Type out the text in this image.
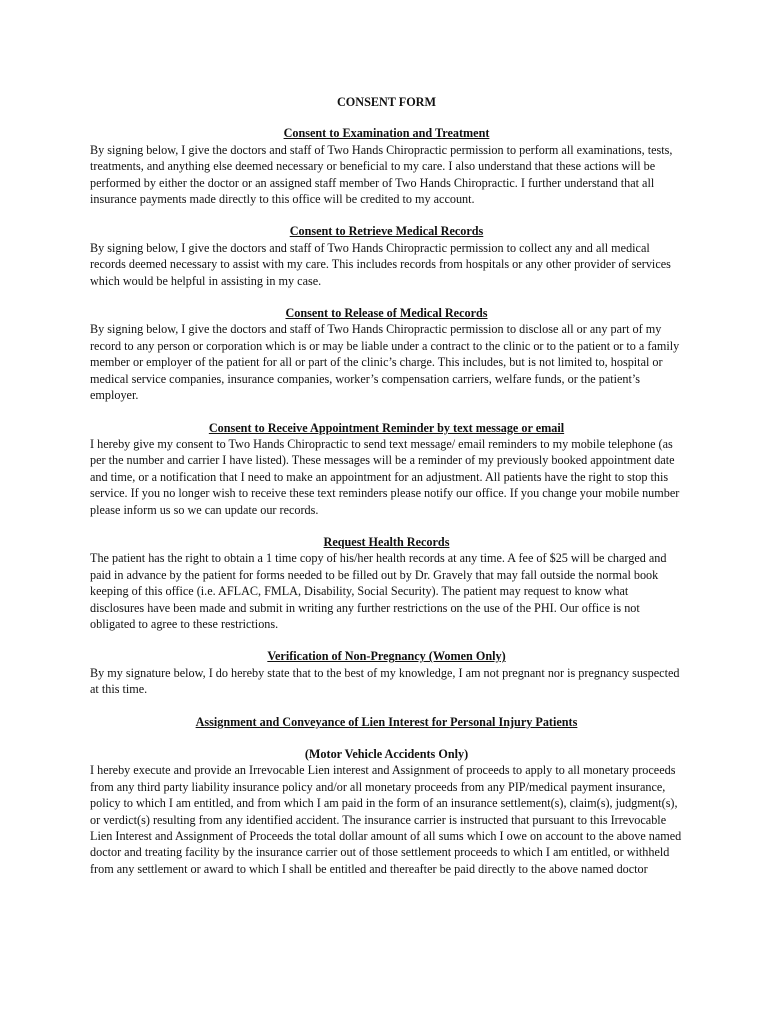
CONSENT FORM
Consent to Examination and Treatment
By signing below, I give the doctors and staff of Two Hands Chiropractic permission to perform all examinations, tests, treatments, and anything else deemed necessary or beneficial to my care. I also understand that these actions will be performed by either the doctor or an assigned staff member of Two Hands Chiropractic. I further understand that all insurance payments made directly to this office will be credited to my account.
Consent to Retrieve Medical Records
By signing below, I give the doctors and staff of Two Hands Chiropractic permission to collect any and all medical records deemed necessary to assist with my care. This includes records from hospitals or any other provider of services which would be helpful in assisting in my case.
Consent to Release of Medical Records
By signing below, I give the doctors and staff of Two Hands Chiropractic permission to disclose all or any part of my record to any person or corporation which is or may be liable under a contract to the clinic or to the patient or to a family member or employer of the patient for all or part of the clinic’s charge. This includes, but is not limited to, hospital or medical service companies, insurance companies, worker’s compensation carriers, welfare funds, or the patient’s employer.
Consent to Receive Appointment Reminder by text message or email
I hereby give my consent to Two Hands Chiropractic to send text message/ email reminders to my mobile telephone (as per the number and carrier I have listed). These messages will be a reminder of my previously booked appointment date and time, or a notification that I need to make an appointment for an adjustment. All patients have the right to stop this service. If you no longer wish to receive these text reminders please notify our office. If you change your mobile number please inform us so we can update our records.
Request Health Records
The patient has the right to obtain a 1 time copy of his/her health records at any time. A fee of $25 will be charged and paid in advance by the patient for forms needed to be filled out by Dr. Gravely that may fall outside the normal book keeping of this office (i.e. AFLAC, FMLA, Disability, Social Security). The patient may request to know what disclosures have been made and submit in writing any further restrictions on the use of the PHI. Our office is not obligated to agree to these restrictions.
Verification of Non-Pregnancy (Women Only)
By my signature below, I do hereby state that to the best of my knowledge, I am not pregnant nor is pregnancy suspected at this time.
Assignment and Conveyance of Lien Interest for Personal Injury Patients
(Motor Vehicle Accidents Only)
I hereby execute and provide an Irrevocable Lien interest and Assignment of proceeds to apply to all monetary proceeds from any third party liability insurance policy and/or all monetary proceeds from any PIP/medical payment insurance, policy to which I am entitled, and from which I am paid in the form of an insurance settlement(s), claim(s), judgment(s), or verdict(s) resulting from any identified accident. The insurance carrier is instructed that pursuant to this Irrevocable Lien Interest and Assignment of Proceeds the total dollar amount of all sums which I owe on account to the above named doctor and treating facility by the insurance carrier out of those settlement proceeds to which I am entitled, or withheld from any settlement or award to which I shall be entitled and thereafter be paid directly to the above named doctor
